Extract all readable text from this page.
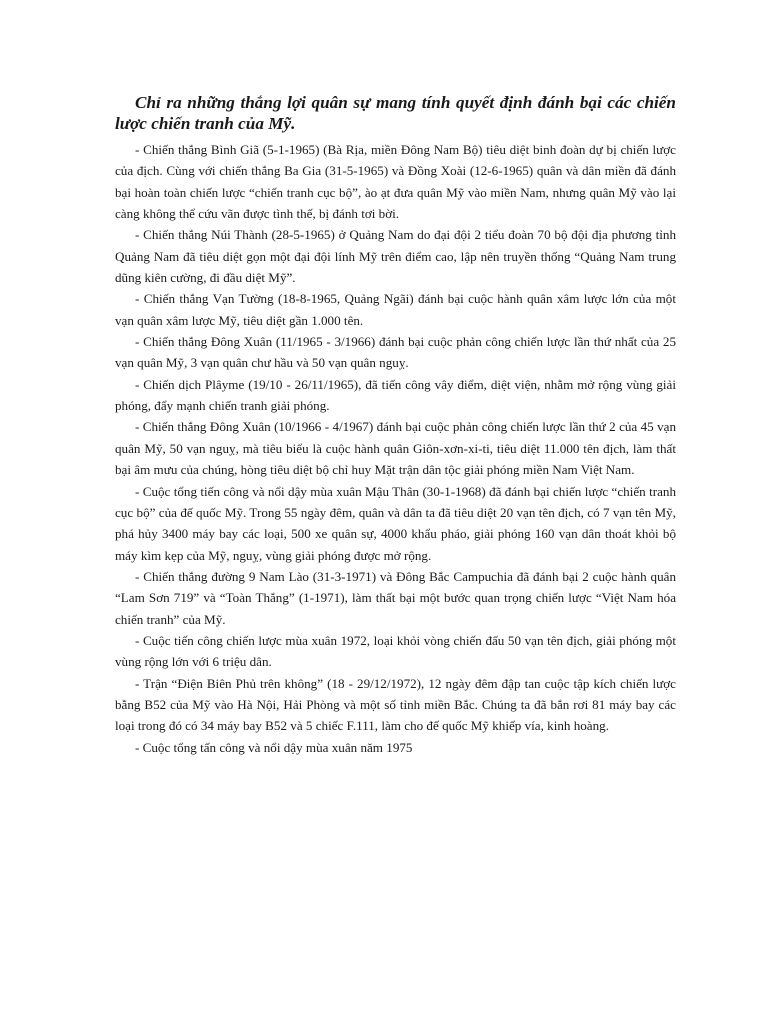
Chỉ ra những thắng lợi quân sự mang tính quyết định đánh bại các chiến lược chiến tranh của Mỹ.

- Chiến thắng Bình Giã (5-1-1965) (Bà Rịa, miền Đông Nam Bộ) tiêu diệt binh đoàn dự bị chiến lược của địch. Cùng với chiến thắng Ba Gia (31-5-1965) và Đồng Xoài (12-6-1965) quân và dân miền đã đánh bại hoàn toàn chiến lược “chiến tranh cục bộ”, ào ạt đưa quân Mỹ vào miền Nam, nhưng quân Mỹ vào lại càng không thể cứu vãn được tình thế, bị đánh tơi bời.

- Chiến thắng Núi Thành (28-5-1965) ở Quảng Nam do đại đội 2 tiểu đoàn 70 bộ đội địa phương tỉnh Quảng Nam đã tiêu diệt gọn một đại đội lính Mỹ trên điểm cao, lập nên truyền thống “Quảng Nam trung dũng kiên cường, đi đầu diệt Mỹ”.

- Chiến thắng Vạn Tường (18-8-1965, Quảng Ngãi) đánh bại cuộc hành quân xâm lược lớn của một vạn quân xâm lược Mỹ, tiêu diệt gần 1.000 tên.

- Chiến thắng Đông Xuân (11/1965 - 3/1966) đánh bại cuộc phản công chiến lược lần thứ nhất của 25 vạn quân Mỹ, 3 vạn quân chư hầu và 50 vạn quân nguỵ.

- Chiến dịch Plâyme (19/10 - 26/11/1965), đã tiến công vây điểm, diệt viện, nhằm mở rộng vùng giải phóng, đẩy mạnh chiến tranh giải phóng.

- Chiến thắng Đông Xuân (10/1966 - 4/1967) đánh bại cuộc phản công chiến lược lần thứ 2 của 45 vạn quân Mỹ, 50 vạn nguỵ, mà tiêu biểu là cuộc hành quân Giôn-xơn-xi-ti, tiêu diệt 11.000 tên địch, làm thất bại âm mưu của chúng, hòng tiêu diệt bộ chỉ huy Mặt trận dân tộc giải phóng miền Nam Việt Nam.

- Cuộc tổng tiến công và nổi dậy mùa xuân Mậu Thân (30-1-1968) đã đánh bại chiến lược “chiến tranh cục bộ” của đế quốc Mỹ. Trong 55 ngày đêm, quân và dân ta đã tiêu diệt 20 vạn tên địch, có 7 vạn tên Mỹ, phá hủy 3400 máy bay các loại, 500 xe quân sự, 4000 khẩu pháo, giải phóng 160 vạn dân thoát khỏi bộ máy kìm kẹp của Mỹ, nguỵ, vùng giải phóng được mở rộng.

- Chiến thắng đường 9 Nam Lào (31-3-1971) và Đông Bắc Campuchia đã đánh bại 2 cuộc hành quân “Lam Sơn 719” và “Toàn Thắng” (1-1971), làm thất bại một bước quan trọng chiến lược “Việt Nam hóa chiến tranh” của Mỹ.

- Cuộc tiến công chiến lược mùa xuân 1972, loại khỏi vòng chiến đấu 50 vạn tên địch, giải phóng một vùng rộng lớn với 6 triệu dân.

- Trận “Điện Biên Phủ trên không” (18 - 29/12/1972), 12 ngày đêm đập tan cuộc tập kích chiến lược bằng B52 của Mỹ vào Hà Nội, Hải Phòng và một số tỉnh miền Bắc. Chúng ta đã bắn rơi 81 máy bay các loại trong đó có 34 máy bay B52 và 5 chiếc F.111, làm cho đế quốc Mỹ khiếp vía, kinh hoàng.

- Cuộc tổng tấn công và nổi dậy mùa xuân năm 1975
